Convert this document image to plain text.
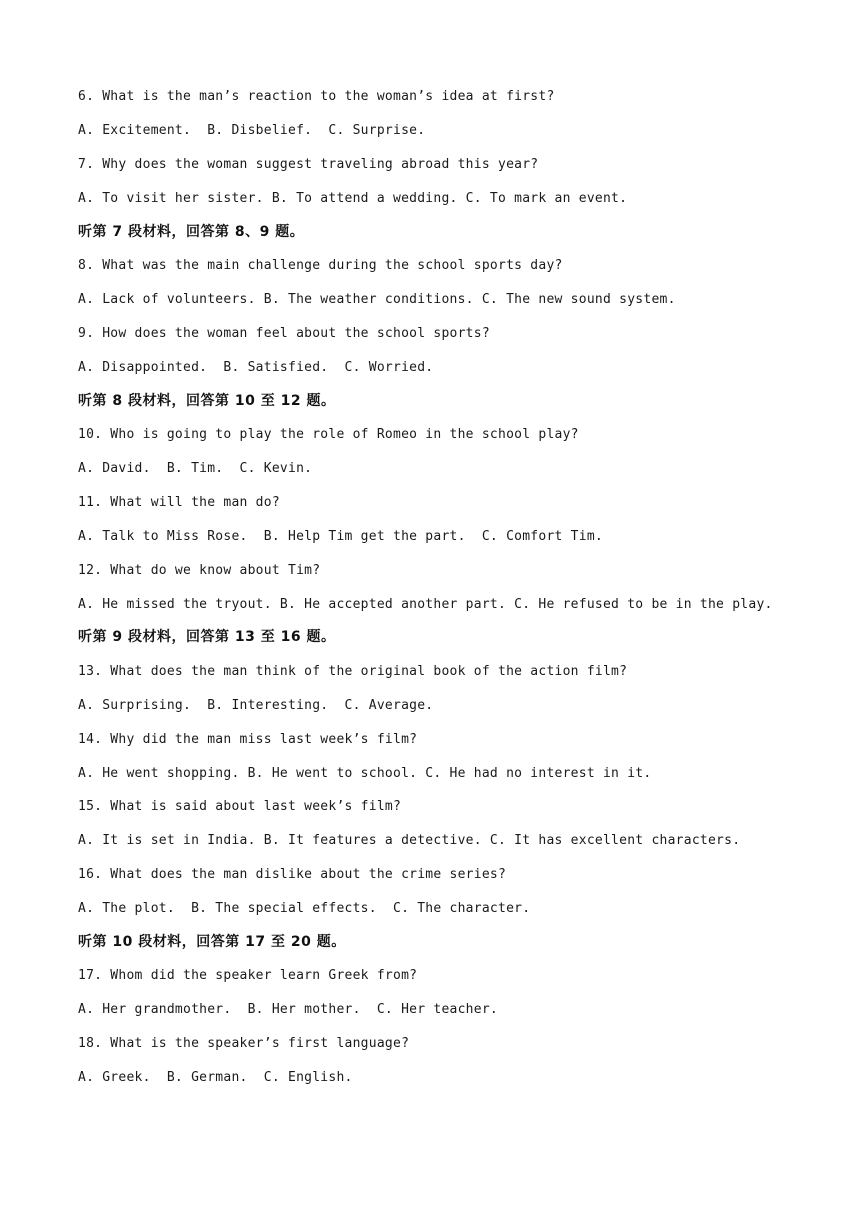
6. What is the man’s reaction to the woman’s idea at first?
A. Excitement.  B. Disbelief.  C. Surprise.
7. Why does the woman suggest traveling abroad this year?
A. To visit her sister. B. To attend a wedding. C. To mark an event.
听第 7 段材料，回答第 8、9 题。
8. What was the main challenge during the school sports day?
A. Lack of volunteers. B. The weather conditions. C. The new sound system.
9. How does the woman feel about the school sports?
A. Disappointed.  B. Satisfied.  C. Worried.
听第 8 段材料，回答第 10 至 12 题。
10. Who is going to play the role of Romeo in the school play?
A. David.  B. Tim.  C. Kevin.
11. What will the man do?
A. Talk to Miss Rose.  B. Help Tim get the part.  C. Comfort Tim.
12. What do we know about Tim?
A. He missed the tryout. B. He accepted another part. C. He refused to be in the play.
听第 9 段材料，回答第 13 至 16 题。
13. What does the man think of the original book of the action film?
A. Surprising.  B. Interesting.  C. Average.
14. Why did the man miss last week’s film?
A. He went shopping. B. He went to school. C. He had no interest in it.
15. What is said about last week’s film?
A. It is set in India. B. It features a detective. C. It has excellent characters.
16. What does the man dislike about the crime series?
A. The plot.  B. The special effects.  C. The character.
听第 10 段材料，回答第 17 至 20 题。
17. Whom did the speaker learn Greek from?
A. Her grandmother.  B. Her mother.  C. Her teacher.
18. What is the speaker’s first language?
A. Greek.  B. German.  C. English.
